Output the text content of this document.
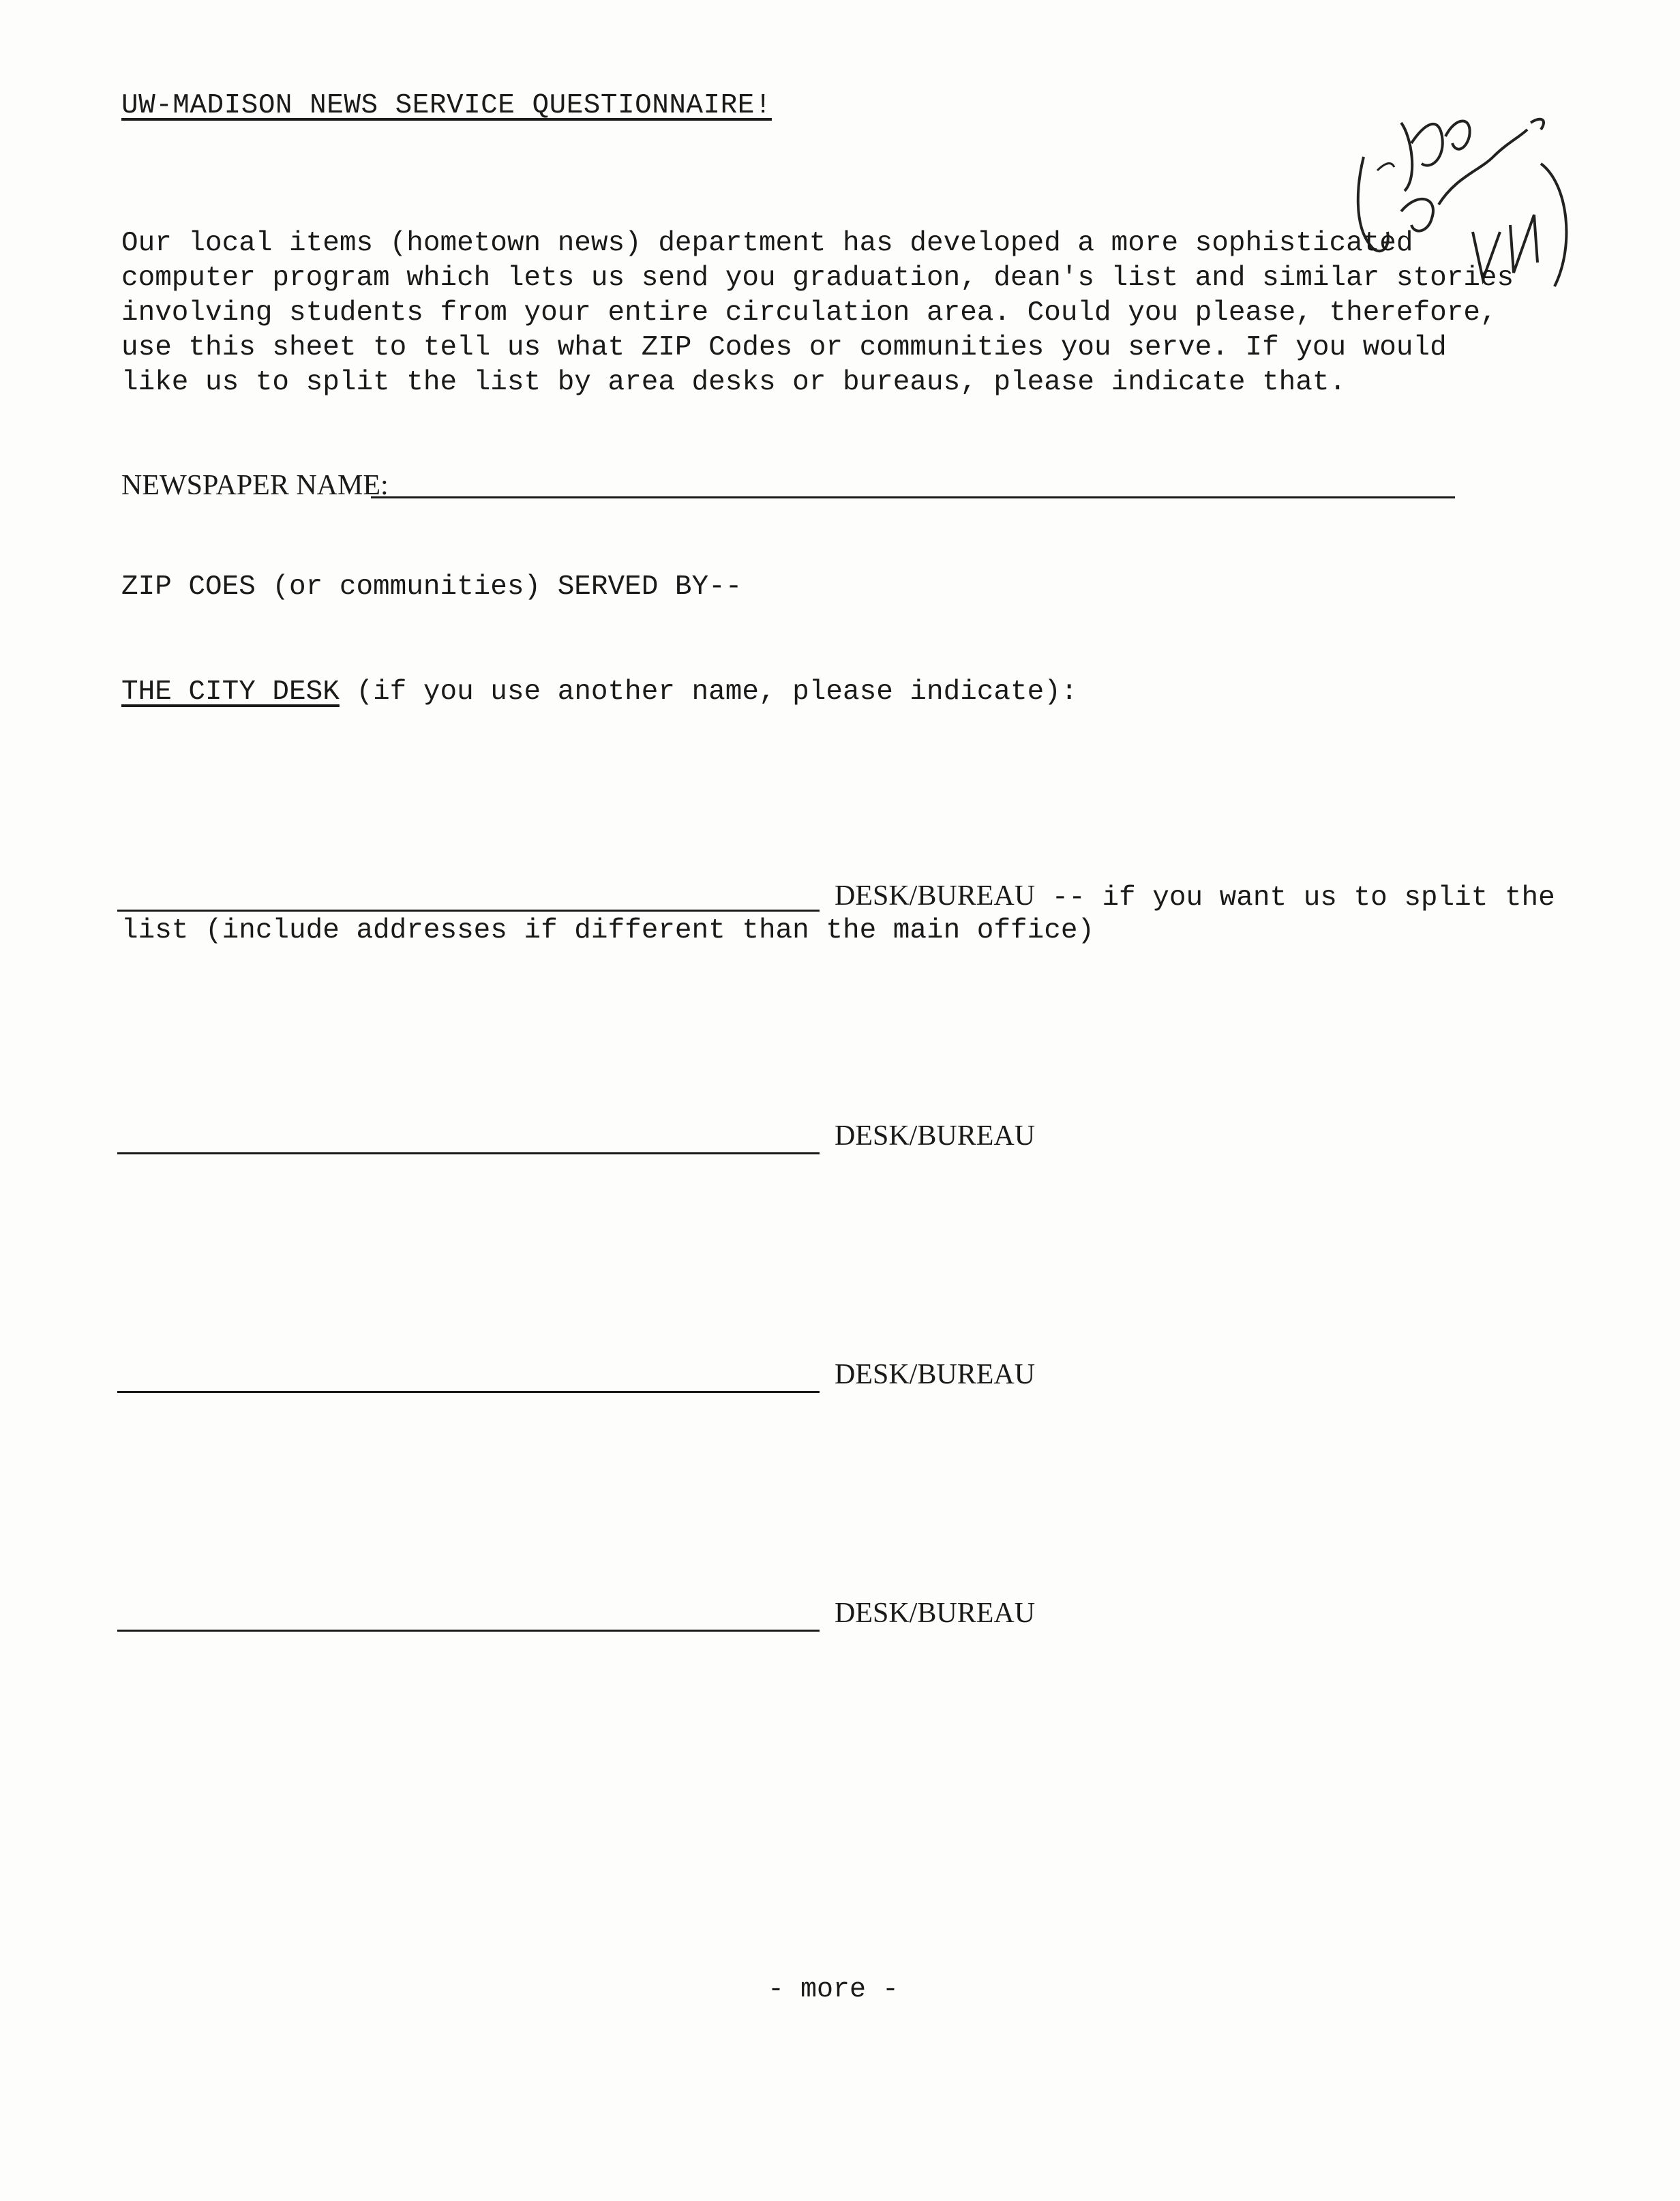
UW-MADISON NEWS SERVICE QUESTIONNAIRE!
Our local items (hometown news) department has developed a more sophisticated
computer program which lets us send you graduation, dean's list and similar stories
involving students from your entire circulation area. Could you please, therefore,
use this sheet to tell us what ZIP Codes or communities you serve. If you would
like us to split the list by area desks or bureaus, please indicate that.
NEWSPAPER NAME:
ZIP COES (or communities) SERVED BY--
THE CITY DESK (if you use another name, please indicate):
DESK/BUREAU -- if you want us to split the
list (include addresses if different than the main office)
DESK/BUREAU
DESK/BUREAU
DESK/BUREAU
- more -
